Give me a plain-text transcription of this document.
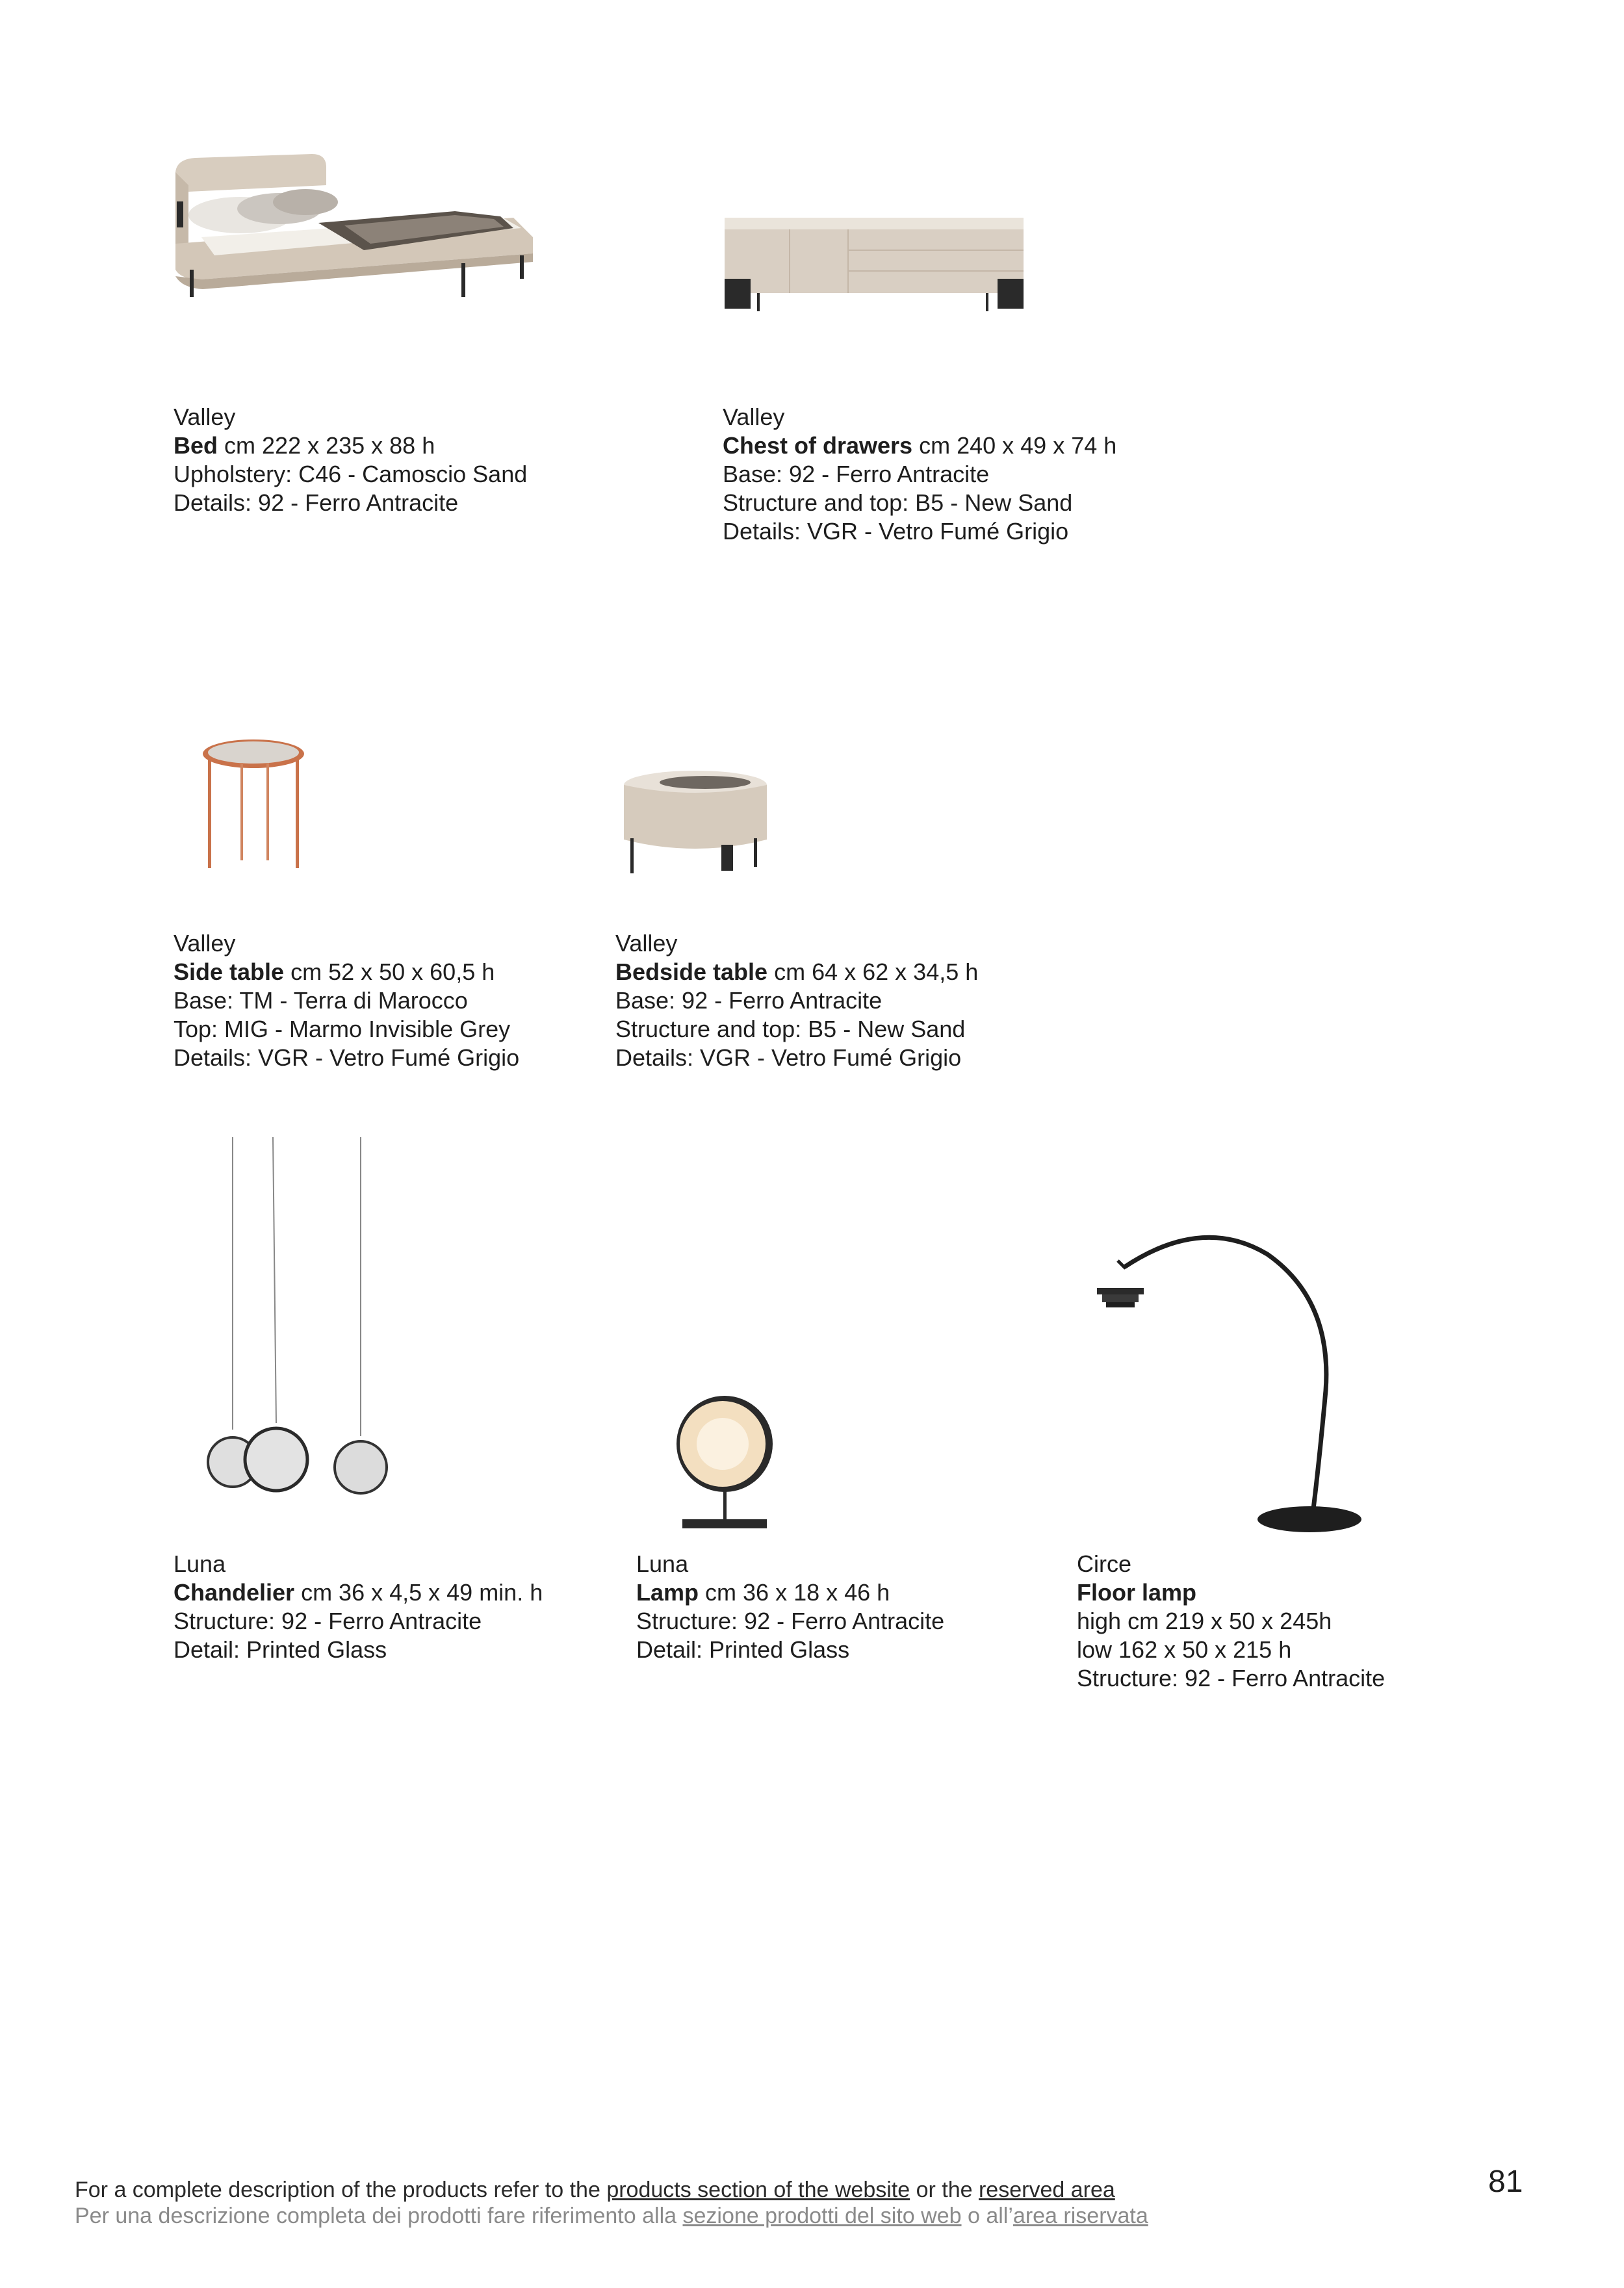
Valley
Bed cm 222 x 235 x 88 h
Upholstery: C46 - Camoscio Sand
Details: 92 - Ferro Antracite
Valley
Chest of drawers cm 240 x 49 x 74 h
Base: 92 - Ferro Antracite
Structure and top: B5 - New Sand
Details: VGR - Vetro Fumé Grigio
Valley
Side table cm 52 x 50 x 60,5 h
Base: TM - Terra di Marocco
Top: MIG - Marmo Invisible Grey
Details: VGR - Vetro Fumé Grigio
Valley
Bedside table cm 64 x 62 x 34,5 h
Base: 92 - Ferro Antracite
Structure and top: B5 - New Sand
Details: VGR - Vetro Fumé Grigio
Luna
Chandelier cm 36 x 4,5 x 49 min. h
Structure: 92 - Ferro Antracite
Detail: Printed Glass
Luna
Lamp cm 36 x 18 x 46 h
Structure: 92 - Ferro Antracite
Detail: Printed Glass
Circe
Floor lamp
high cm 219 x 50 x 245h
low 162 x 50 x 215 h
Structure: 92 - Ferro Antracite
For a complete description of the products refer to the products section of the website or the reserved area
Per una descrizione completa dei prodotti fare riferimento alla sezione prodotti del sito web o all’area riservata
81
